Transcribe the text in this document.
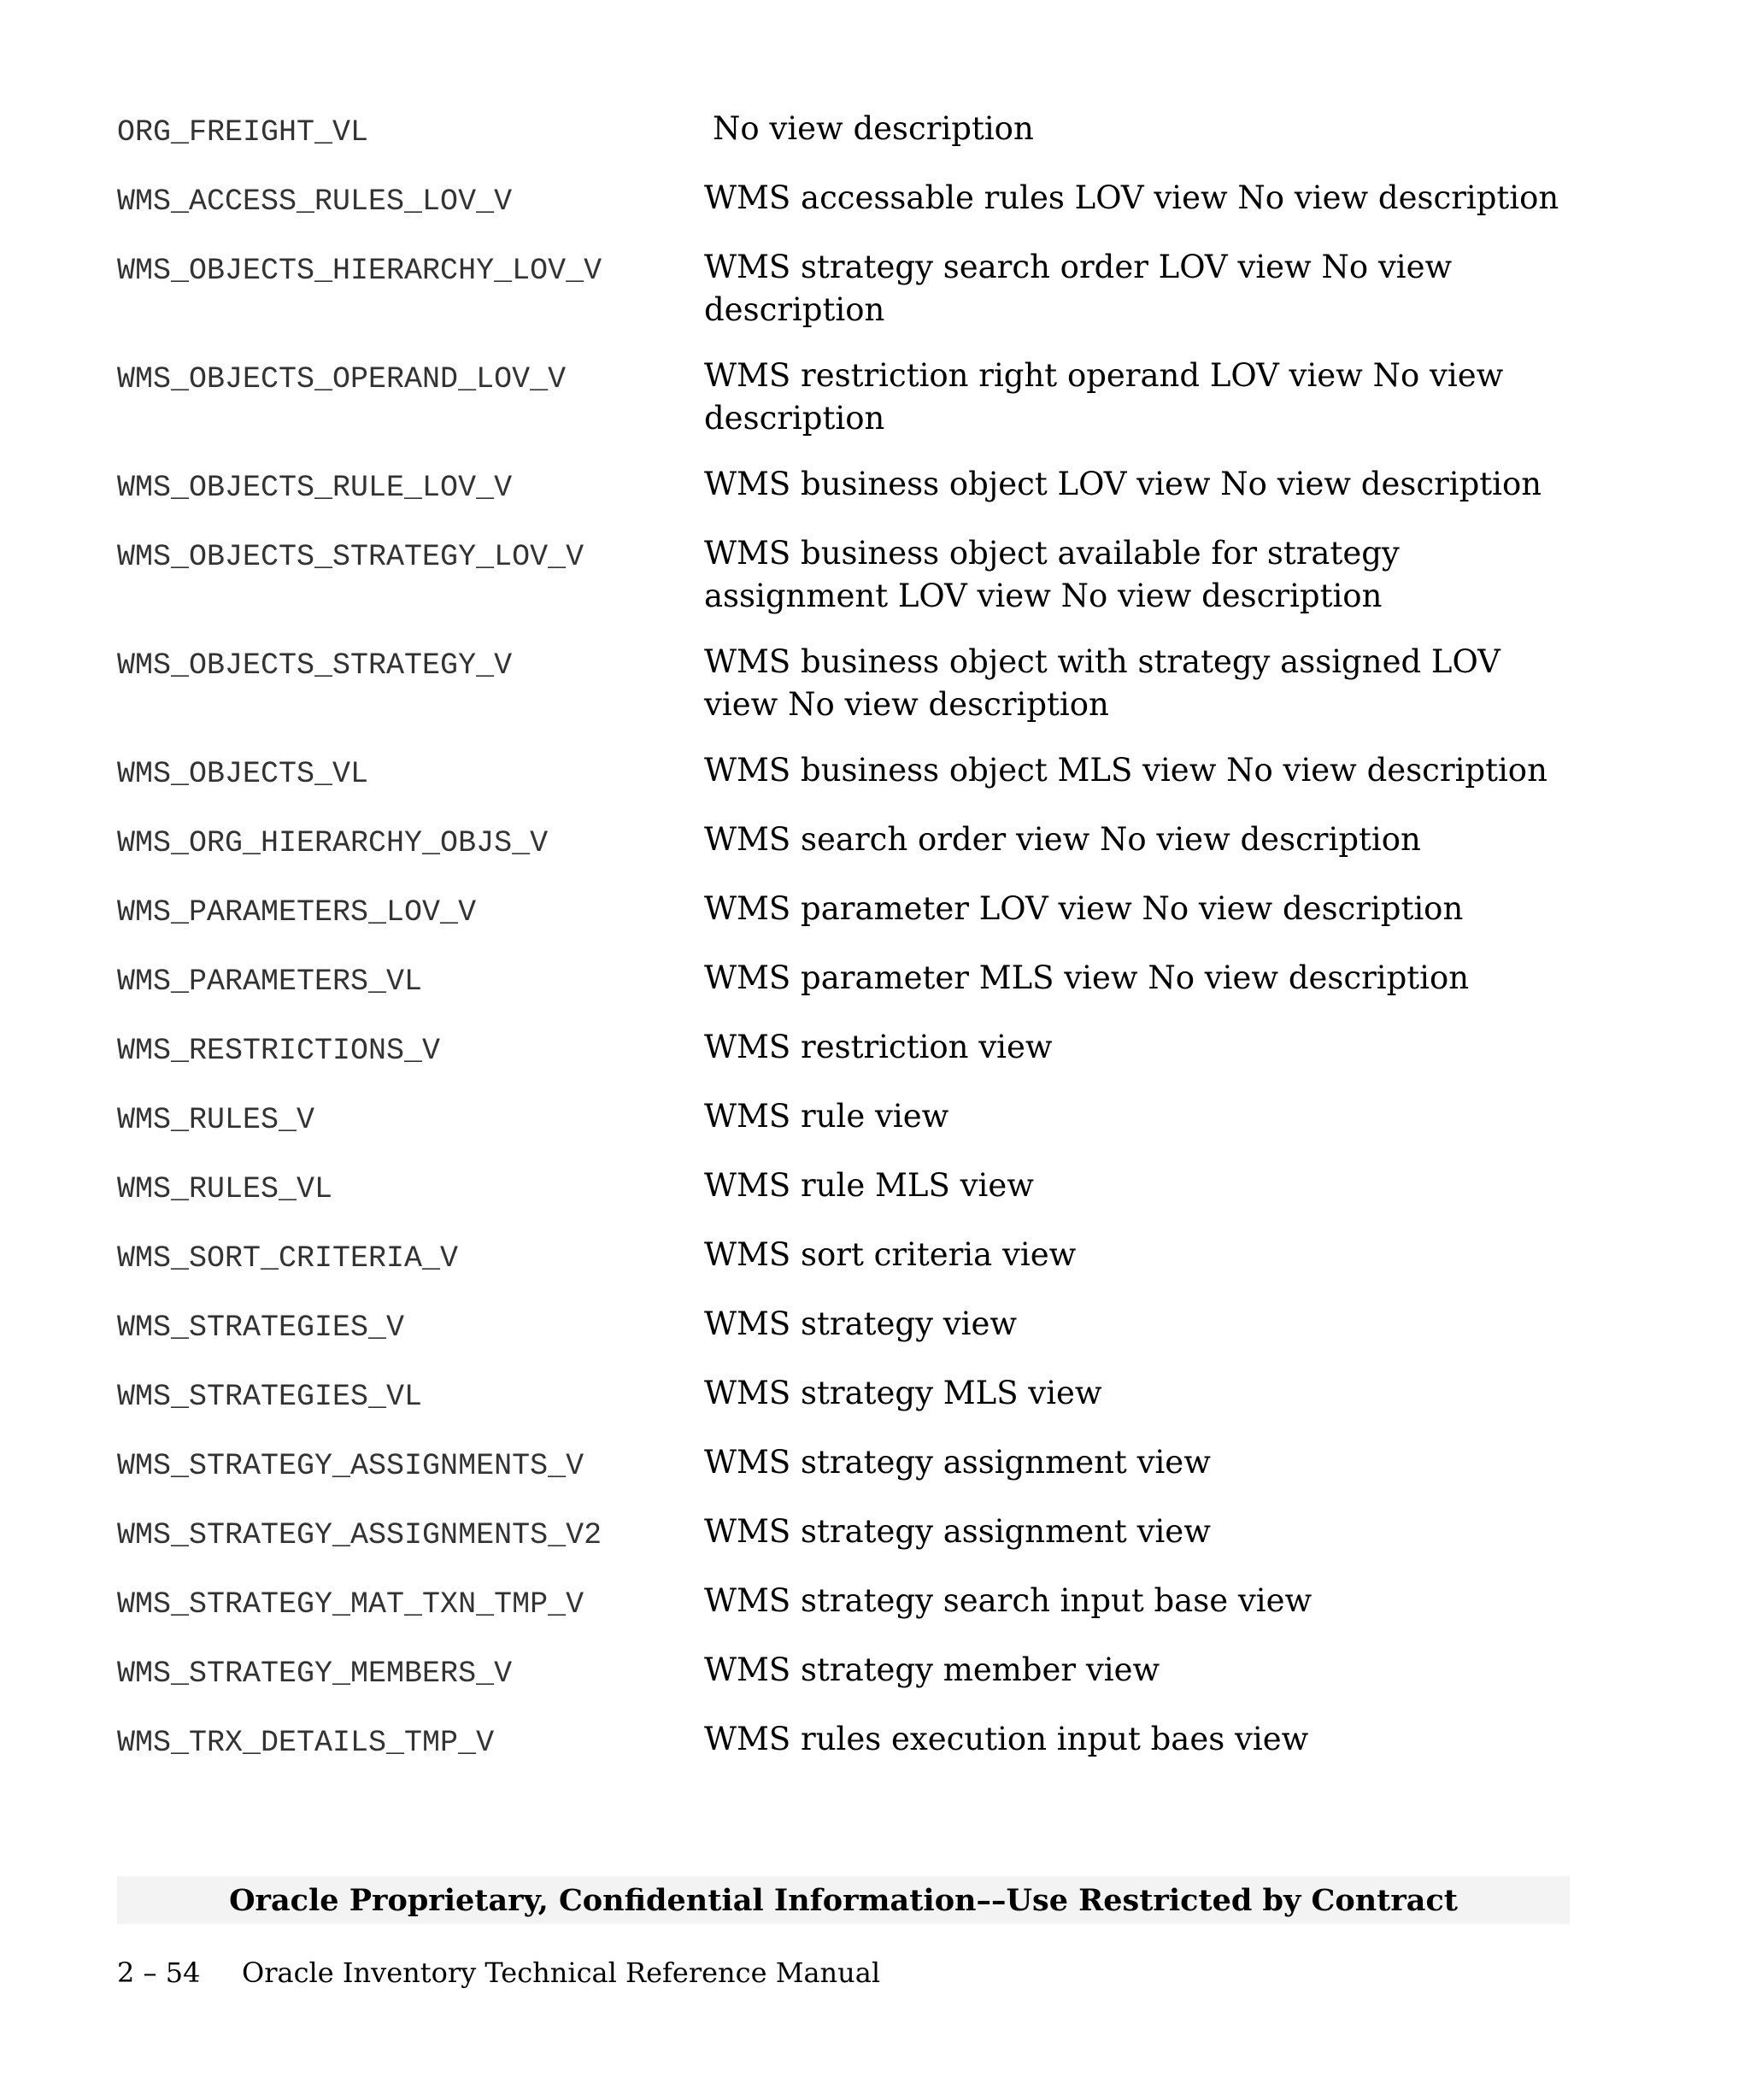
ORG_FREIGHT_VL	No view description
WMS_ACCESS_RULES_LOV_V	WMS accessable rules LOV view No view description
WMS_OBJECTS_HIERARCHY_LOV_V	WMS strategy search order LOV view No view description
WMS_OBJECTS_OPERAND_LOV_V	WMS restriction right operand LOV view No view description
WMS_OBJECTS_RULE_LOV_V	WMS business object LOV view No view description
WMS_OBJECTS_STRATEGY_LOV_V	WMS business object available for strategy assignment LOV view No view description
WMS_OBJECTS_STRATEGY_V	WMS business object with strategy assigned LOV view No view description
WMS_OBJECTS_VL	WMS business object MLS view No view description
WMS_ORG_HIERARCHY_OBJS_V	WMS search order view No view description
WMS_PARAMETERS_LOV_V	WMS parameter LOV view No view description
WMS_PARAMETERS_VL	WMS parameter MLS view No view description
WMS_RESTRICTIONS_V	WMS restriction view
WMS_RULES_V	WMS rule view
WMS_RULES_VL	WMS rule MLS view
WMS_SORT_CRITERIA_V	WMS sort criteria view
WMS_STRATEGIES_V	WMS strategy view
WMS_STRATEGIES_VL	WMS strategy MLS view
WMS_STRATEGY_ASSIGNMENTS_V	WMS strategy assignment view
WMS_STRATEGY_ASSIGNMENTS_V2	WMS strategy assignment view
WMS_STRATEGY_MAT_TXN_TMP_V	WMS strategy search input base view
WMS_STRATEGY_MEMBERS_V	WMS strategy member view
WMS_TRX_DETAILS_TMP_V	WMS rules execution input baes view
Oracle Proprietary, Confidential Information––Use Restricted by Contract
2 – 54	Oracle Inventory Technical Reference Manual
